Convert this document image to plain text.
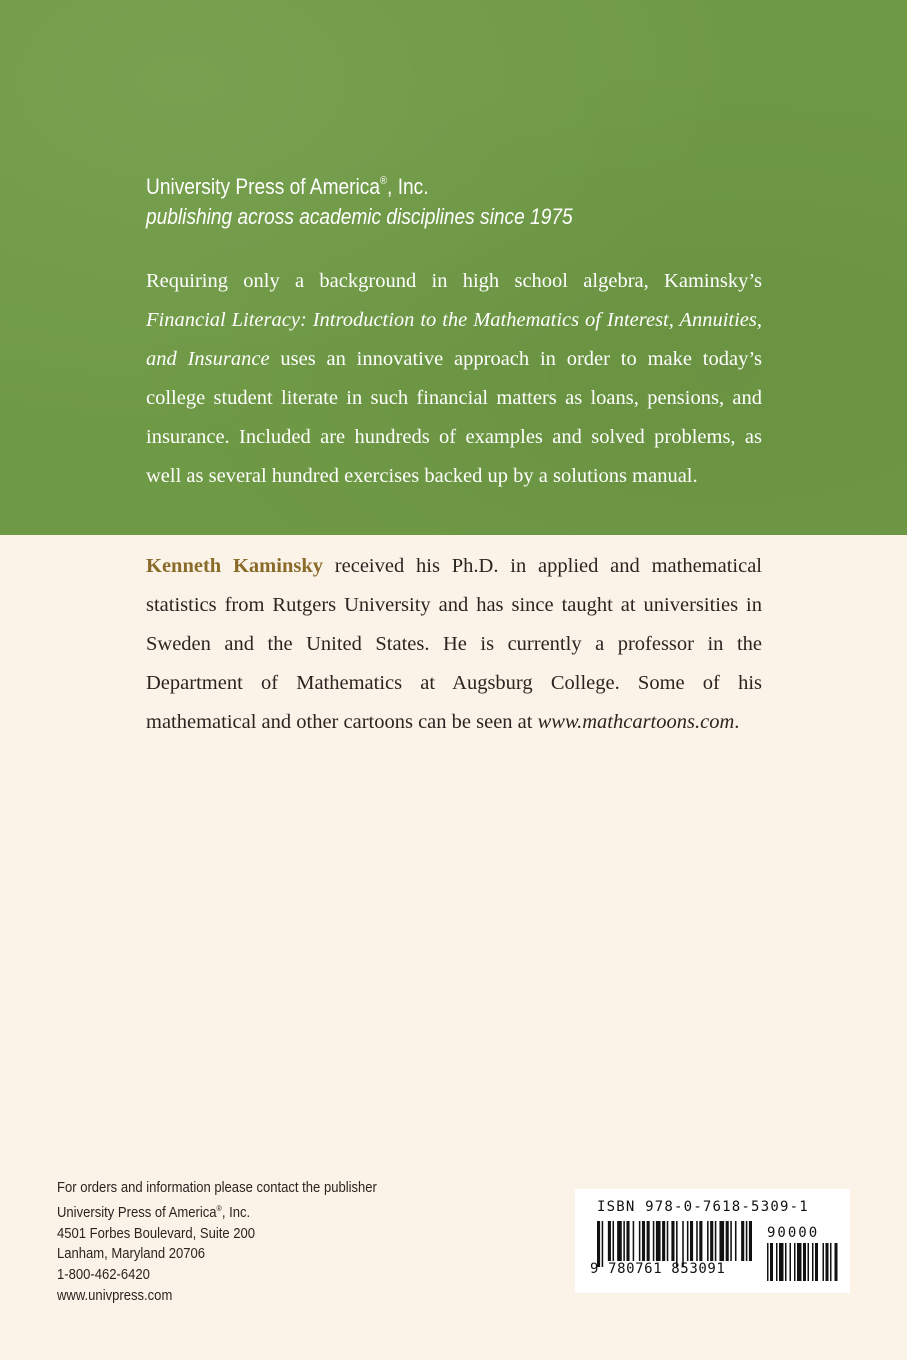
University Press of America®, Inc.
publishing across academic disciplines since 1975
Requiring only a background in high school algebra, Kaminsky’s Financial Literacy: Introduction to the Mathematics of Interest, Annuities, and Insurance uses an innovative approach in order to make today’s college student literate in such financial matters as loans, pensions, and insurance. Included are hundreds of examples and solved problems, as well as several hundred exercises backed up by a solutions manual.
Kenneth Kaminsky received his Ph.D. in applied and mathematical statistics from Rutgers University and has since taught at universities in Sweden and the United States. He is currently a professor in the Department of Mathematics at Augsburg College. Some of his mathematical and other cartoons can be seen at www.mathcartoons.com.
For orders and information please contact the publisher
University Press of America®, Inc.
4501 Forbes Boulevard, Suite 200
Lanham, Maryland 20706
1-800-462-6420
www.univpress.com
ISBN 978-0-7618-5309-1
90000
9 780761 853091
